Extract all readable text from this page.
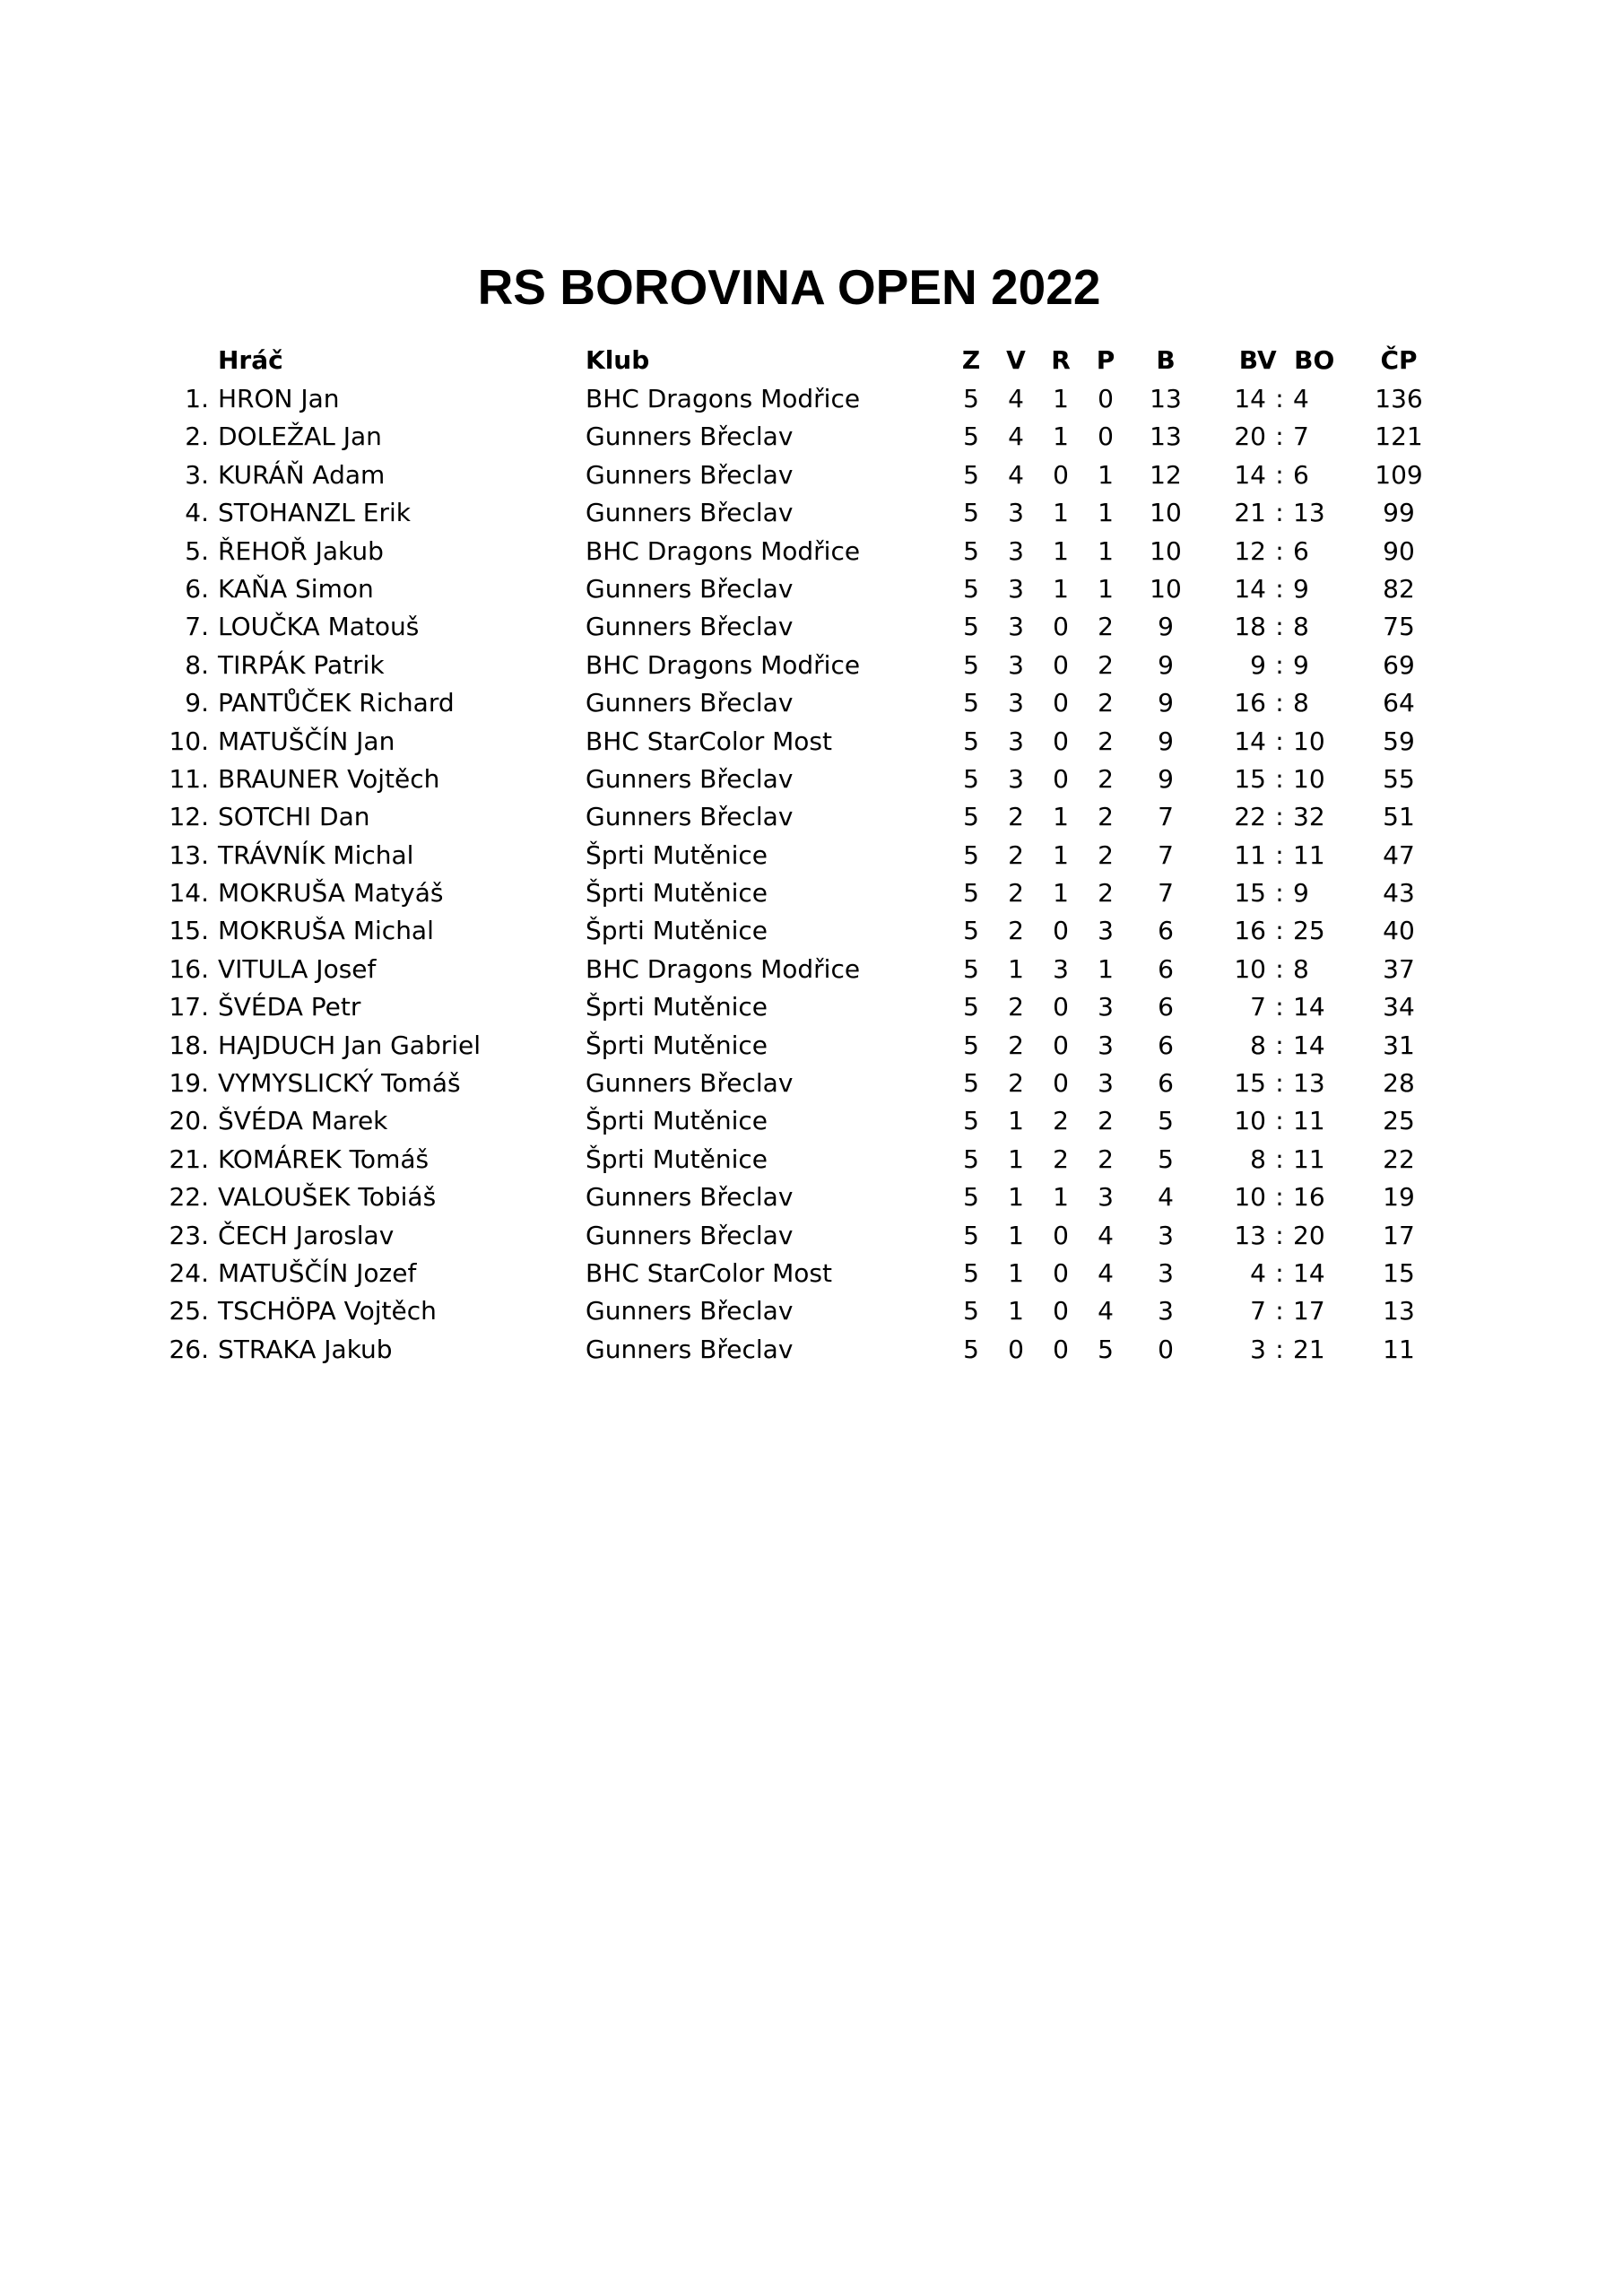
RS BOROVINA OPEN 2022
Hráč	Klub	Z	V	R	P	B	BV  BO	ČP
1. HRON Jan	BHC Dragons Modřice	5	4	1	0	13	14 : 4	136
2. DOLEŽAL Jan	Gunners Břeclav	5	4	1	0	13	20 : 7	121
3. KURÁŇ Adam	Gunners Břeclav	5	4	0	1	12	14 : 6	109
4. STOHANZL Erik	Gunners Břeclav	5	3	1	1	10	21 : 13	99
5. ŘEHOŘ Jakub	BHC Dragons Modřice	5	3	1	1	10	12 : 6	90
6. KAŇA Simon	Gunners Břeclav	5	3	1	1	10	14 : 9	82
7. LOUČKA Matouš	Gunners Břeclav	5	3	0	2	9	18 : 8	75
8. TIRPÁK Patrik	BHC Dragons Modřice	5	3	0	2	9	9 : 9	69
9. PANTŮČEK Richard	Gunners Břeclav	5	3	0	2	9	16 : 8	64
10. MATUŠČÍN Jan	BHC StarColor Most	5	3	0	2	9	14 : 10	59
11. BRAUNER Vojtěch	Gunners Břeclav	5	3	0	2	9	15 : 10	55
12. SOTCHI Dan	Gunners Břeclav	5	2	1	2	7	22 : 32	51
13. TRÁVNÍK Michal	Šprti Mutěnice	5	2	1	2	7	11 : 11	47
14. MOKRUŠA Matyáš	Šprti Mutěnice	5	2	1	2	7	15 : 9	43
15. MOKRUŠA Michal	Šprti Mutěnice	5	2	0	3	6	16 : 25	40
16. VITULA Josef	BHC Dragons Modřice	5	1	3	1	6	10 : 8	37
17. ŠVÉDA Petr	Šprti Mutěnice	5	2	0	3	6	7 : 14	34
18. HAJDUCH Jan Gabriel	Šprti Mutěnice	5	2	0	3	6	8 : 14	31
19. VYMYSLICKÝ Tomáš	Gunners Břeclav	5	2	0	3	6	15 : 13	28
20. ŠVÉDA Marek	Šprti Mutěnice	5	1	2	2	5	10 : 11	25
21. KOMÁREK Tomáš	Šprti Mutěnice	5	1	2	2	5	8 : 11	22
22. VALOUŠEK Tobiáš	Gunners Břeclav	5	1	1	3	4	10 : 16	19
23. ČECH Jaroslav	Gunners Břeclav	5	1	0	4	3	13 : 20	17
24. MATUŠČÍN Jozef	BHC StarColor Most	5	1	0	4	3	4 : 14	15
25. TSCHÖPA Vojtěch	Gunners Břeclav	5	1	0	4	3	7 : 17	13
26. STRAKA Jakub	Gunners Břeclav	5	0	0	5	0	3 : 21	11
